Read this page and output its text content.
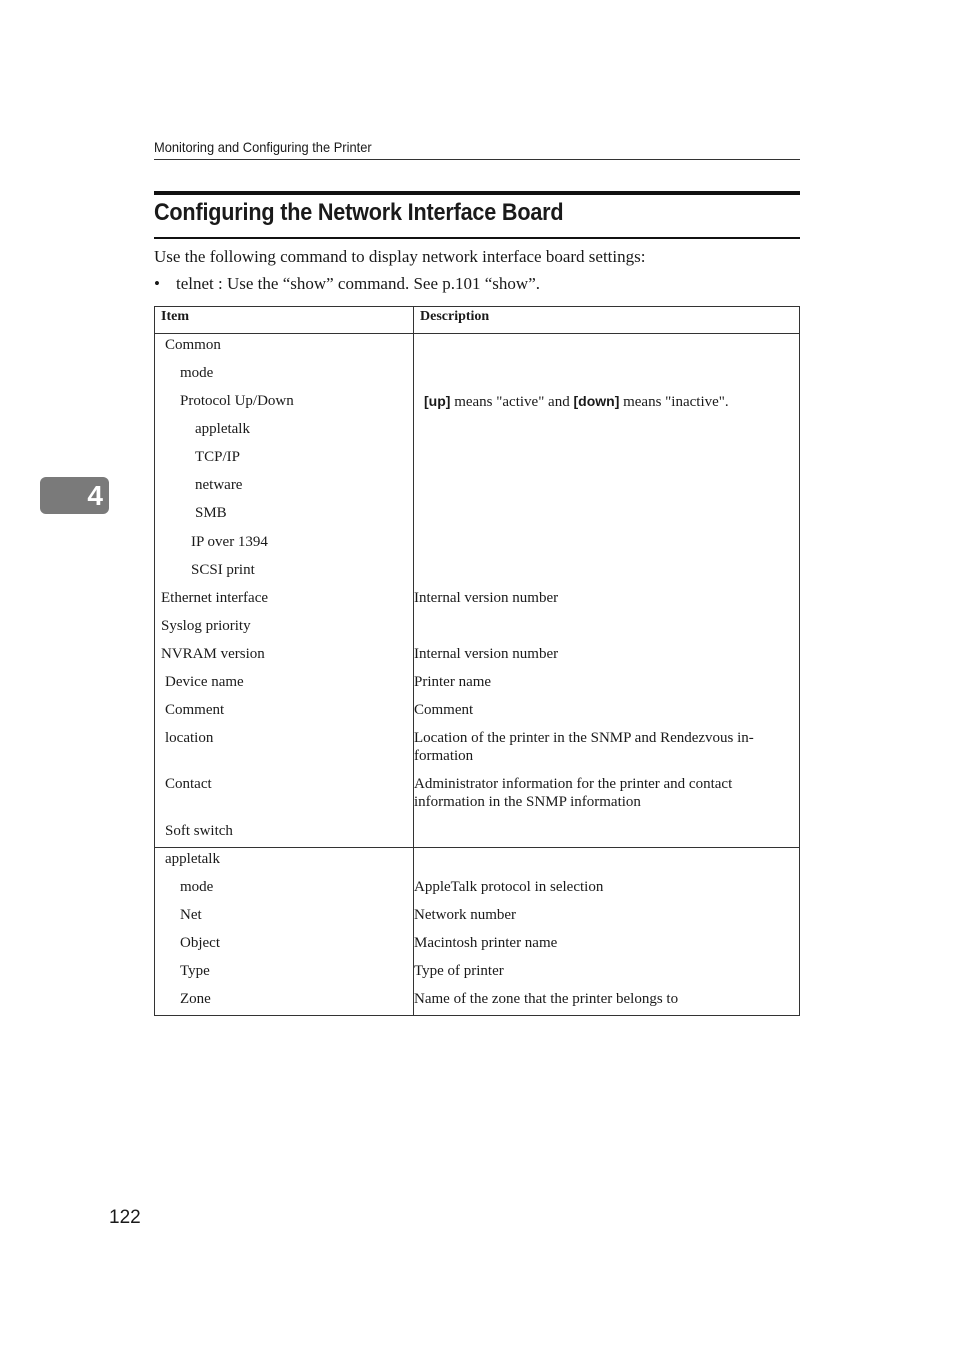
Monitoring and Configuring the Printer
Configuring the Network Interface Board
Use the following command to display network interface board settings:
• telnet : Use the “show” command. See p.101 “show”.
4
Item	Description

Common	

mode	

Protocol Up/Down	[up] means "active" and [down] means "inactive".

appletalk	

TCP/IP	

netware	

SMB	

IP over 1394	

SCSI print	

Ethernet interface	Internal version number

Syslog priority	

NVRAM version	Internal version number

Device name	Printer name

Comment	Comment

location	Location of the printer in the SNMP and Rendezvous in-formation

Contact	Administrator information for the printer and contact information in the SNMP information

Soft switch	

appletalk	

mode	AppleTalk protocol in selection

Net	Network number

Object	Macintosh printer name

Type	Type of printer

Zone	Name of the zone that the printer belongs to
122
